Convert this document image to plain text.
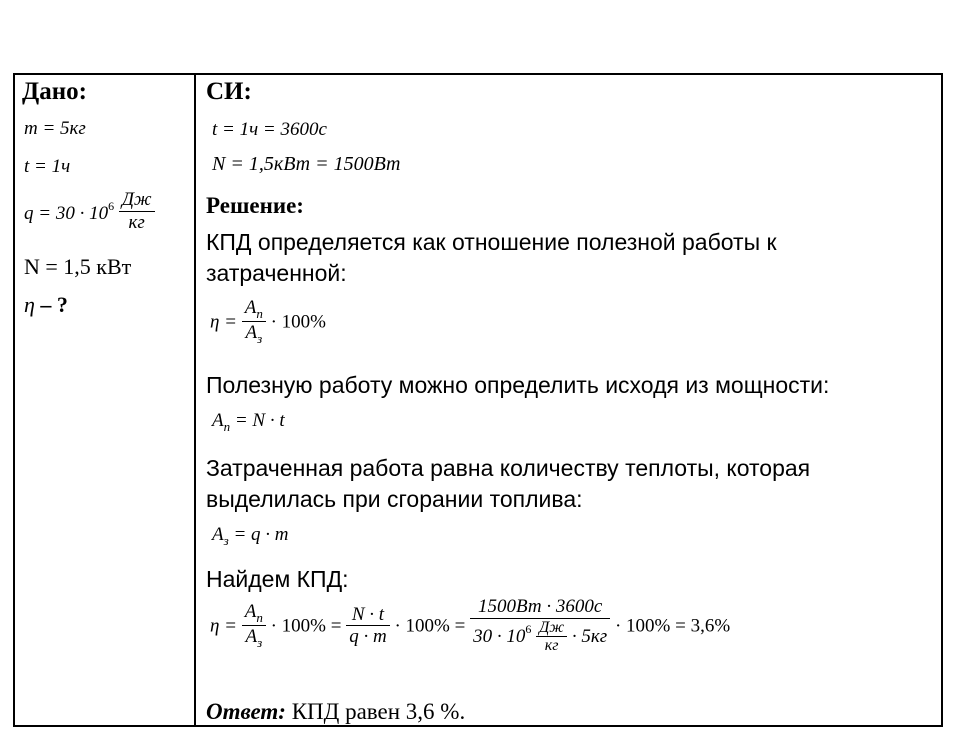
Дано:
m = 5кг
t = 1ч
$q = 30 \cdot 10^6 \frac{Дж}{кг}$
N = 1,5 кВт
η – ?
СИ:
t = 1ч = 3600с
N = 1,5кВт = 1500Вт
Решение:
КПД определяется как отношение полезной работы к
затраченной:
$\eta = \frac{A_п}{A_з} \cdot 100\%$
Полезную работу можно определить исходя из мощности:
$A_п = N \cdot t$
Затраченная работа равна количеству теплоты, которая
выделилась при сгорании топлива:
$A_з = q \cdot m$
Найдем КПД:
$\eta = \frac{A_п}{A_з} \cdot 100\% = \frac{N \cdot t}{q \cdot m} \cdot 100\% = \frac{1500Вт \cdot 3600с}{30 \cdot 10^6 \frac{Дж}{кг} \cdot 5кг} \cdot 100\% = 3,6\%$
Ответ: КПД равен 3,6 %.
